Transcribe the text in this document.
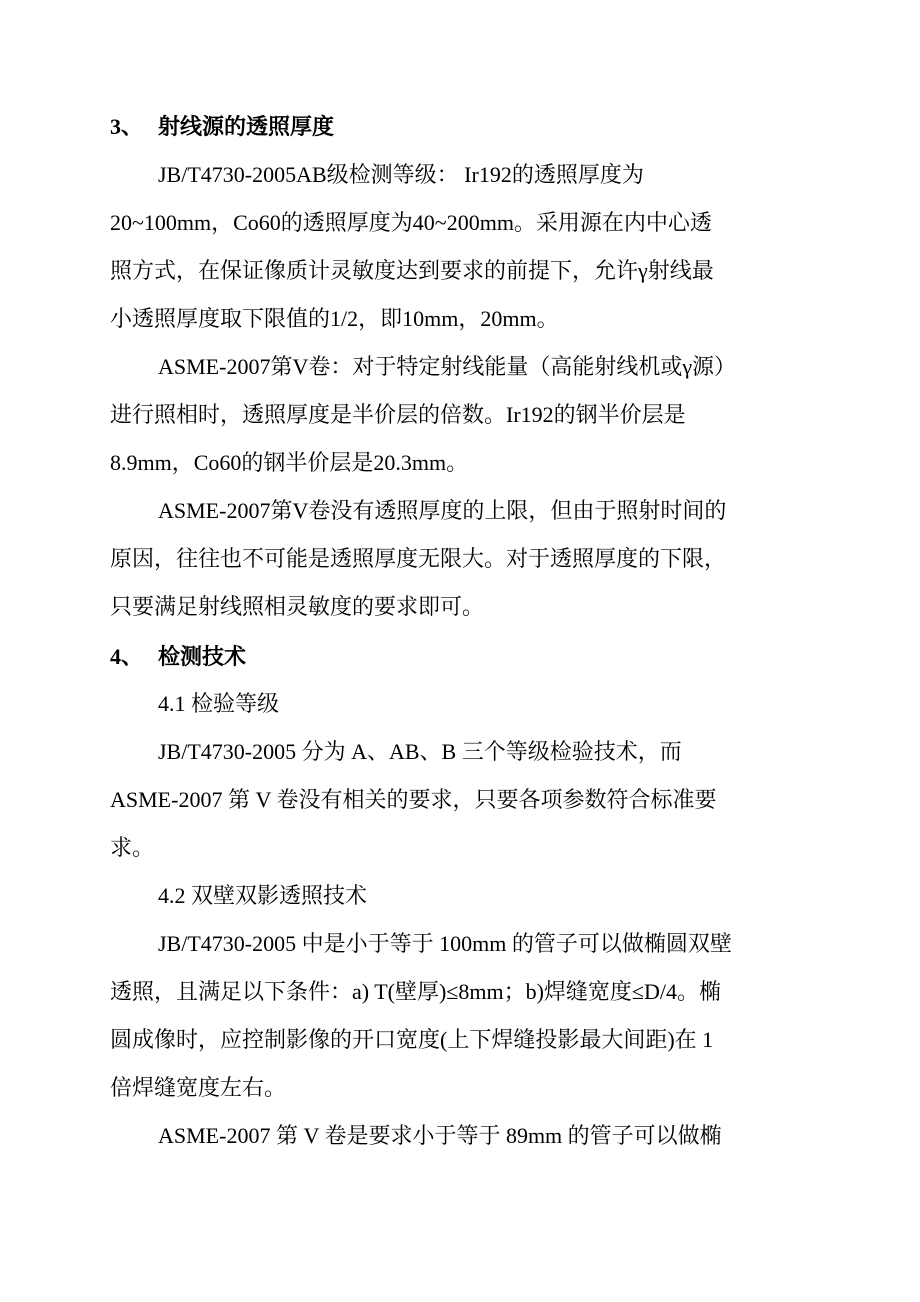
3、 射线源的透照厚度
JB/T4730-2005AB级检测等级： Ir192的透照厚度为
20~100mm，Co60的透照厚度为40~200mm。采用源在内中心透
照方式，在保证像质计灵敏度达到要求的前提下，允许γ射线最
小透照厚度取下限值的1/2，即10mm，20mm。
ASME-2007第V卷：对于特定射线能量（高能射线机或γ源）
进行照相时，透照厚度是半价层的倍数。Ir192的钢半价层是
8.9mm，Co60的钢半价层是20.3mm。
ASME-2007第V卷没有透照厚度的上限，但由于照射时间的
原因，往往也不可能是透照厚度无限大。对于透照厚度的下限，
只要满足射线照相灵敏度的要求即可。
4、 检测技术
4.1 检验等级
JB/T4730-2005 分为 A、AB、B 三个等级检验技术，而
ASME-2007 第 V 卷没有相关的要求，只要各项参数符合标准要
求。
4.2 双壁双影透照技术
JB/T4730-2005 中是小于等于 100mm 的管子可以做椭圆双壁
透照，且满足以下条件：a) T(壁厚)≤8mm；b)焊缝宽度≤D/4。椭
圆成像时，应控制影像的开口宽度(上下焊缝投影最大间距)在 1
倍焊缝宽度左右。
ASME-2007 第 V 卷是要求小于等于 89mm 的管子可以做椭
